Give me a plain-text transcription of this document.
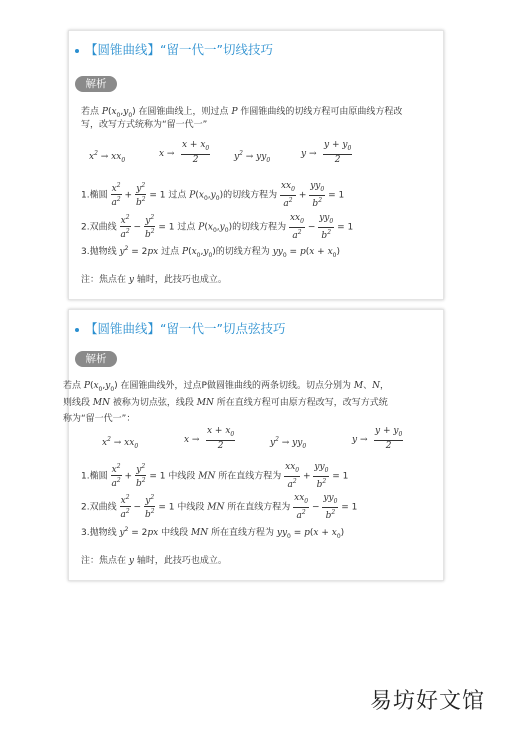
【圆锥曲线】“留一代一”切线技巧
解析
若点 $P(x_0,y_0)$ 在圆锥曲线上，则过点 P 作圆锥曲线的切线方程可由原曲线方程改
写，改写方式统称为“留一代一”
$x^2 \to xx_0$
$x \to \frac{x + x_0}{2}$	$y^2 \to yy_0$
$y \to \frac{y + y_0}{2}$
1.椭圆 $\frac{x^2}{a^2} + \frac{y^2}{b^2} = 1$ 过点 $P(x_0,y_0)$的切线方程为 $\frac{xx_0}{a^2} + \frac{yy_0}{b^2} = 1$
2.双曲线 $\frac{x^2}{a^2} - \frac{y^2}{b^2} = 1$ 过点 $P(x_0,y_0)$的切线方程为 $\frac{xx_0}{a^2} - \frac{yy_0}{b^2} = 1$
3.抛物线 $y^2 = 2px$ 过点 $P(x_0,y_0)$的切线方程为 $yy_0 = p(x + x_0)$
注：焦点在 y 轴时，此技巧也成立。
【圆锥曲线】“留一代一”切点弦技巧
解析
若点 $P(x_0,y_0)$ 在圆锥曲线外，过点P做圆锥曲线的两条切线。切点分别为 M、N，
则线段 MN 被称为切点弦，线段 MN 所在直线方程可由原方程改写，改写方式统
称为“留一代一”：
$x^2 \to xx_0$
$x \to \frac{x + x_0}{2}$	$y^2 \to yy_0$
$y \to \frac{y + y_0}{2}$
1.椭圆 $\frac{x^2}{a^2} + \frac{y^2}{b^2} = 1$ 中线段 MN 所在直线方程为 $\frac{xx_0}{a^2} + \frac{yy_0}{b^2} = 1$
2.双曲线 $\frac{x^2}{a^2} - \frac{y^2}{b^2} = 1$ 中线段 MN 所在直线方程为 $\frac{xx_0}{a^2} - \frac{yy_0}{b^2} = 1$
3.抛物线 $y^2 = 2px$ 中线段 MN 所在直线方程为 $yy_0 = p(x + x_0)$
注：焦点在 y 轴时，此技巧也成立。
易坊好文馆
